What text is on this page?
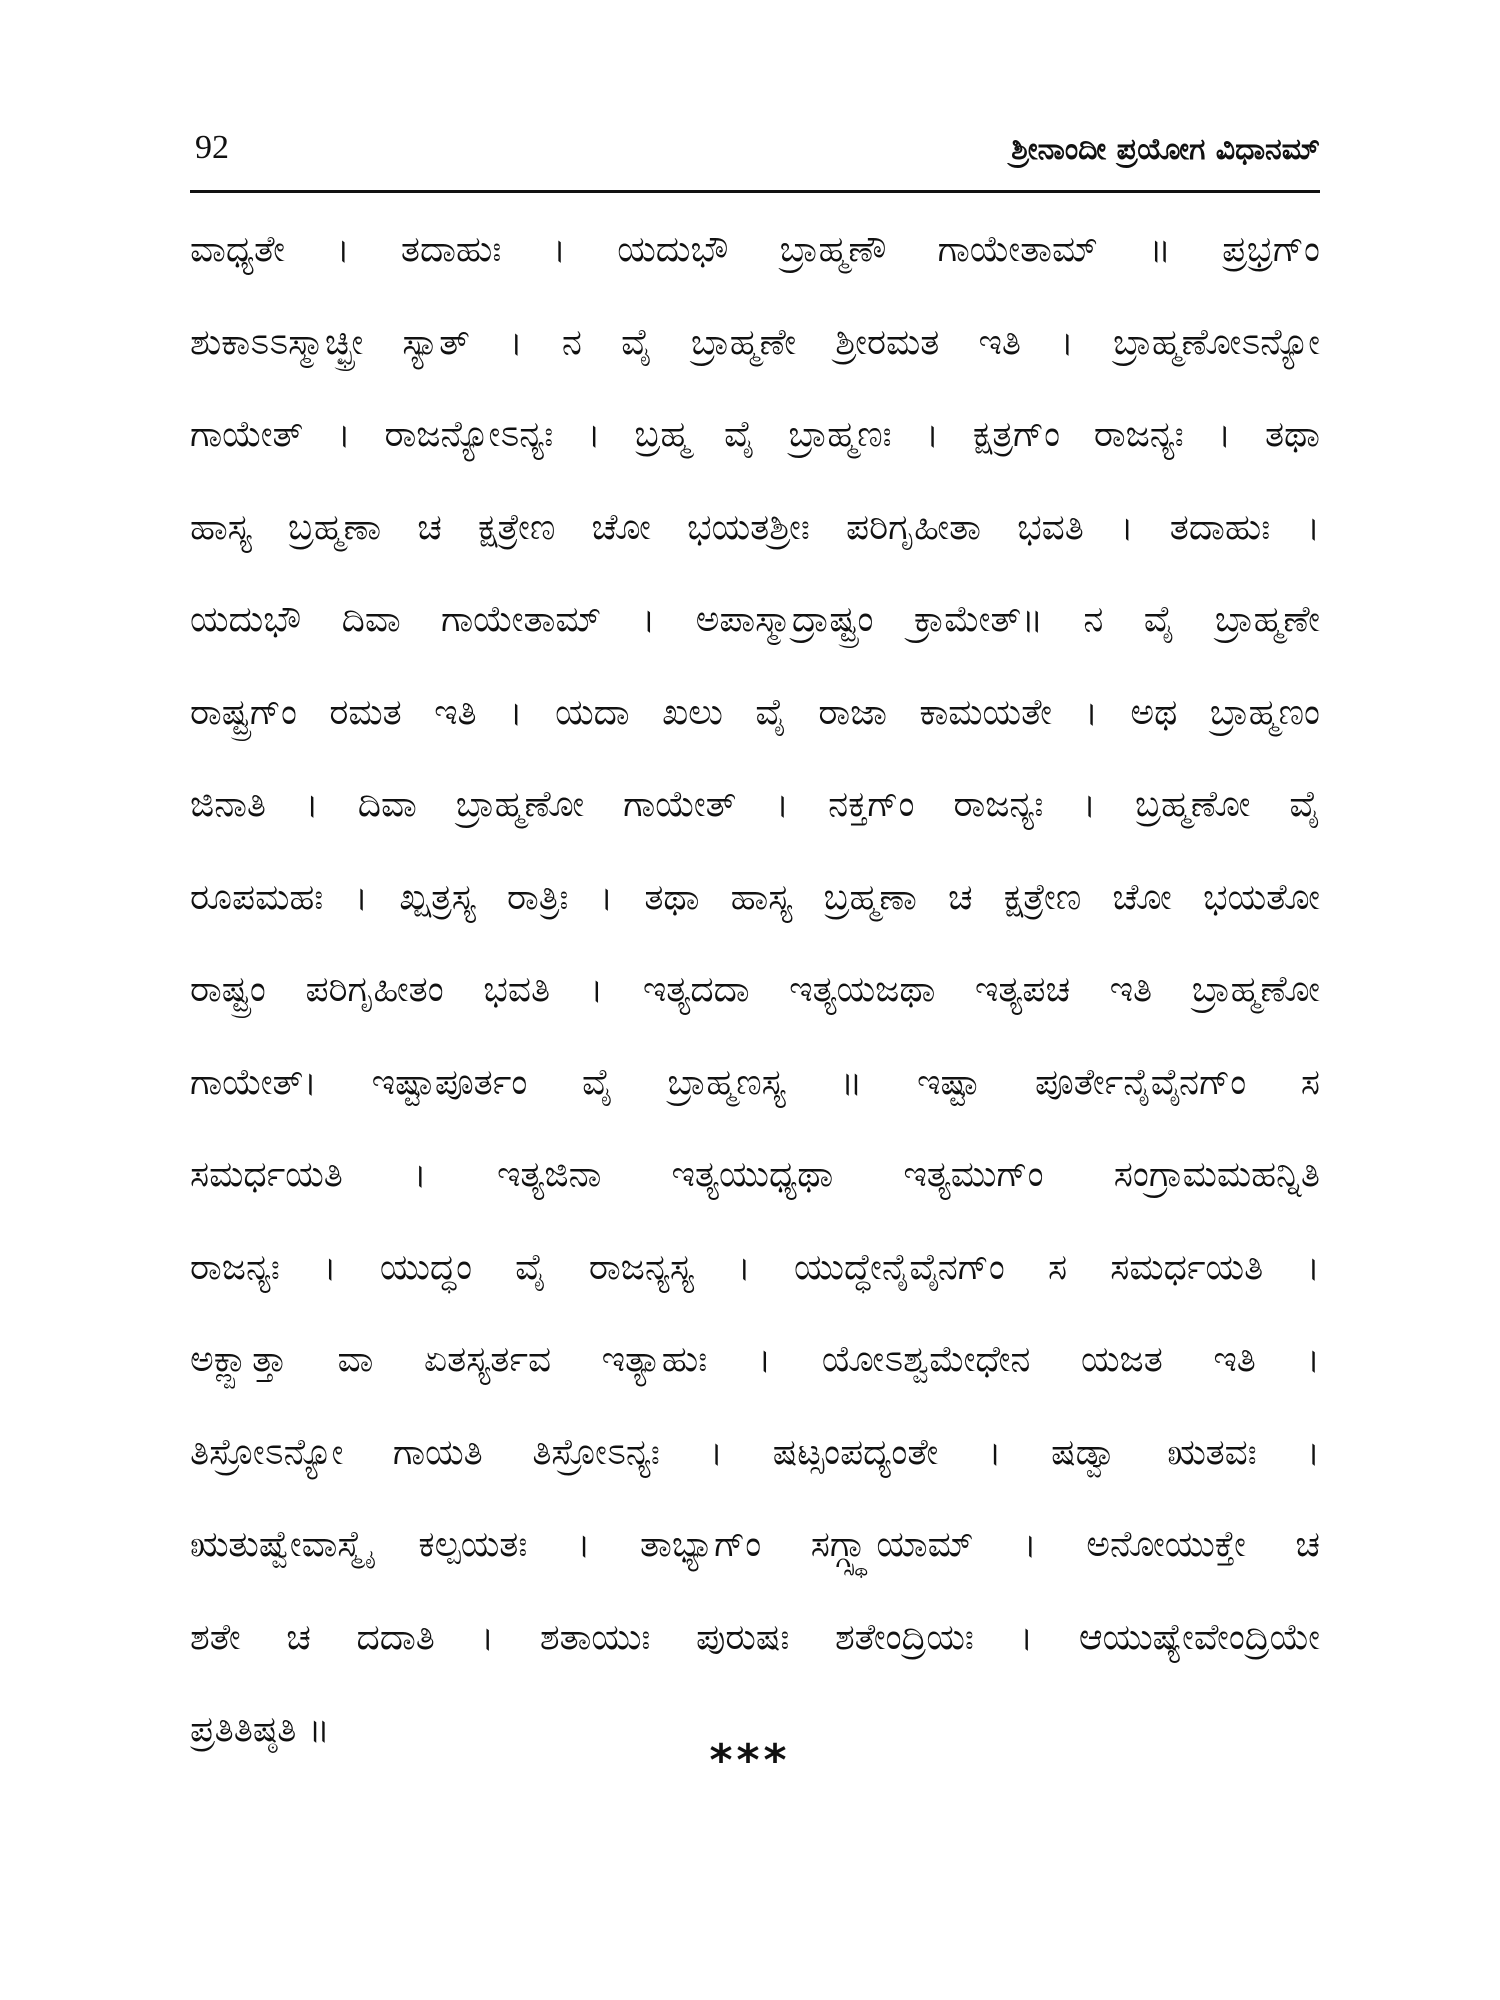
92	ಶ್ರೀನಾಂದೀ ಪ್ರಯೋಗ ವಿಧಾನಮ್
ವಾಧ್ಯತೇ । ತದಾಹುಃ । ಯದುಭೌ ಬ್ರಾಹ್ಮಣೌ ಗಾಯೇತಾಮ್ ॥ ಪ್ರಭ್ರಗ್ಂ
ಶುಕಾಽಽಸ್ಮಾಚ್ಛ್ರೀ ಸ್ಯಾತ್ । ನ ವೈ ಬ್ರಾಹ್ಮಣೇ ಶ್ರೀರಮತ ಇತಿ । ಬ್ರಾಹ್ಮಣೋಽನ್ಯೋ
ಗಾಯೇತ್ । ರಾಜನ್ಯೋಽನ್ಯಃ । ಬ್ರಹ್ಮ ವೈ ಬ್ರಾಹ್ಮಣಃ । ಕ್ಷತ್ರಗ್ಂ ರಾಜನ್ಯಃ । ತಥಾ
ಹಾಸ್ಯ ಬ್ರಹ್ಮಣಾ ಚ ಕ್ಷತ್ರೇಣ ಚೋ ಭಯತಶ್ರೀಃ ಪರಿಗೃಹೀತಾ ಭವತಿ । ತದಾಹುಃ ।
ಯದುಭೌ ದಿವಾ ಗಾಯೇತಾಮ್ । ಅಪಾಸ್ಮಾದ್ರಾಷ್ಟ್ರಂ ಕ್ರಾಮೇತ್॥ ನ ವೈ ಬ್ರಾಹ್ಮಣೇ
ರಾಷ್ಟ್ರಗ್ಂ ರಮತ ಇತಿ । ಯದಾ ಖಲು ವೈ ರಾಜಾ ಕಾಮಯತೇ । ಅಥ ಬ್ರಾಹ್ಮಣಂ
ಜಿನಾತಿ । ದಿವಾ ಬ್ರಾಹ್ಮಣೋ ಗಾಯೇತ್ । ನಕ್ತಗ್ಂ ರಾಜನ್ಯಃ । ಬ್ರಹ್ಮಣೋ ವೈ
ರೂಪಮಹಃ । ಖ್ಷತ್ರಸ್ಯ ರಾತ್ರಿಃ । ತಥಾ ಹಾಸ್ಯ ಬ್ರಹ್ಮಣಾ ಚ ಕ್ಷತ್ರೇಣ ಚೋ ಭಯತೋ
ರಾಷ್ಟ್ರಂ ಪರಿಗೃಹೀತಂ ಭವತಿ । ಇತ್ಯದದಾ ಇತ್ಯಯಜಥಾ ಇತ್ಯಪಚ ಇತಿ ಬ್ರಾಹ್ಮಣೋ
ಗಾಯೇತ್। ಇಷ್ಟಾಪೂರ್ತಂ ವೈ ಬ್ರಾಹ್ಮಣಸ್ಯ ॥ ಇಷ್ಟಾ ಪೂರ್ತೇನೈವೈನಗ್ಂ ಸ
ಸಮರ್ಧಯತಿ । ಇತ್ಯಜಿನಾ ಇತ್ಯಯುಧ್ಯಥಾ ಇತ್ಯಮುಗ್ಂ ಸಂಗ್ರಾಮಮಹನ್ನಿತಿ
ರಾಜನ್ಯಃ । ಯುದ್ಧಂ ವೈ ರಾಜನ್ಯಸ್ಯ । ಯುದ್ಧೇನೈವೈನಗ್ಂ ಸ ಸಮರ್ಧಯತಿ ।
ಅಕ್ಲ್ಪಾತ್ತಾ ವಾ ಏತಸ್ಯರ್ತವ ಇತ್ಯಾಹುಃ । ಯೋಽಶ್ವಮೇಧೇನ ಯಜತ ಇತಿ ।
ತಿಸ್ರೋಽನ್ಯೋ ಗಾಯತಿ ತಿಸ್ರೋಽನ್ಯಃ । ಷಟ್ಸಂಪದ್ಯಂತೇ । ಷಡ್ವಾ ಋತವಃ ।
ಋತುಷ್ವೇವಾಸ್ಮೈ ಕಲ್ಪಯತಃ । ತಾಭ್ಯಾಗ್ಂ ಸಗ್ಗ್ಸ್ಥಾಯಾಮ್ । ಅನೋಯುಕ್ತೇ ಚ
ಶತೇ ಚ ದದಾತಿ । ಶತಾಯುಃ ಪುರುಷಃ ಶತೇಂದ್ರಿಯಃ । ಆಯುಷ್ಯೇವೇಂದ್ರಿಯೇ
ಪ್ರತಿತಿಷ್ಠತಿ ॥
***
